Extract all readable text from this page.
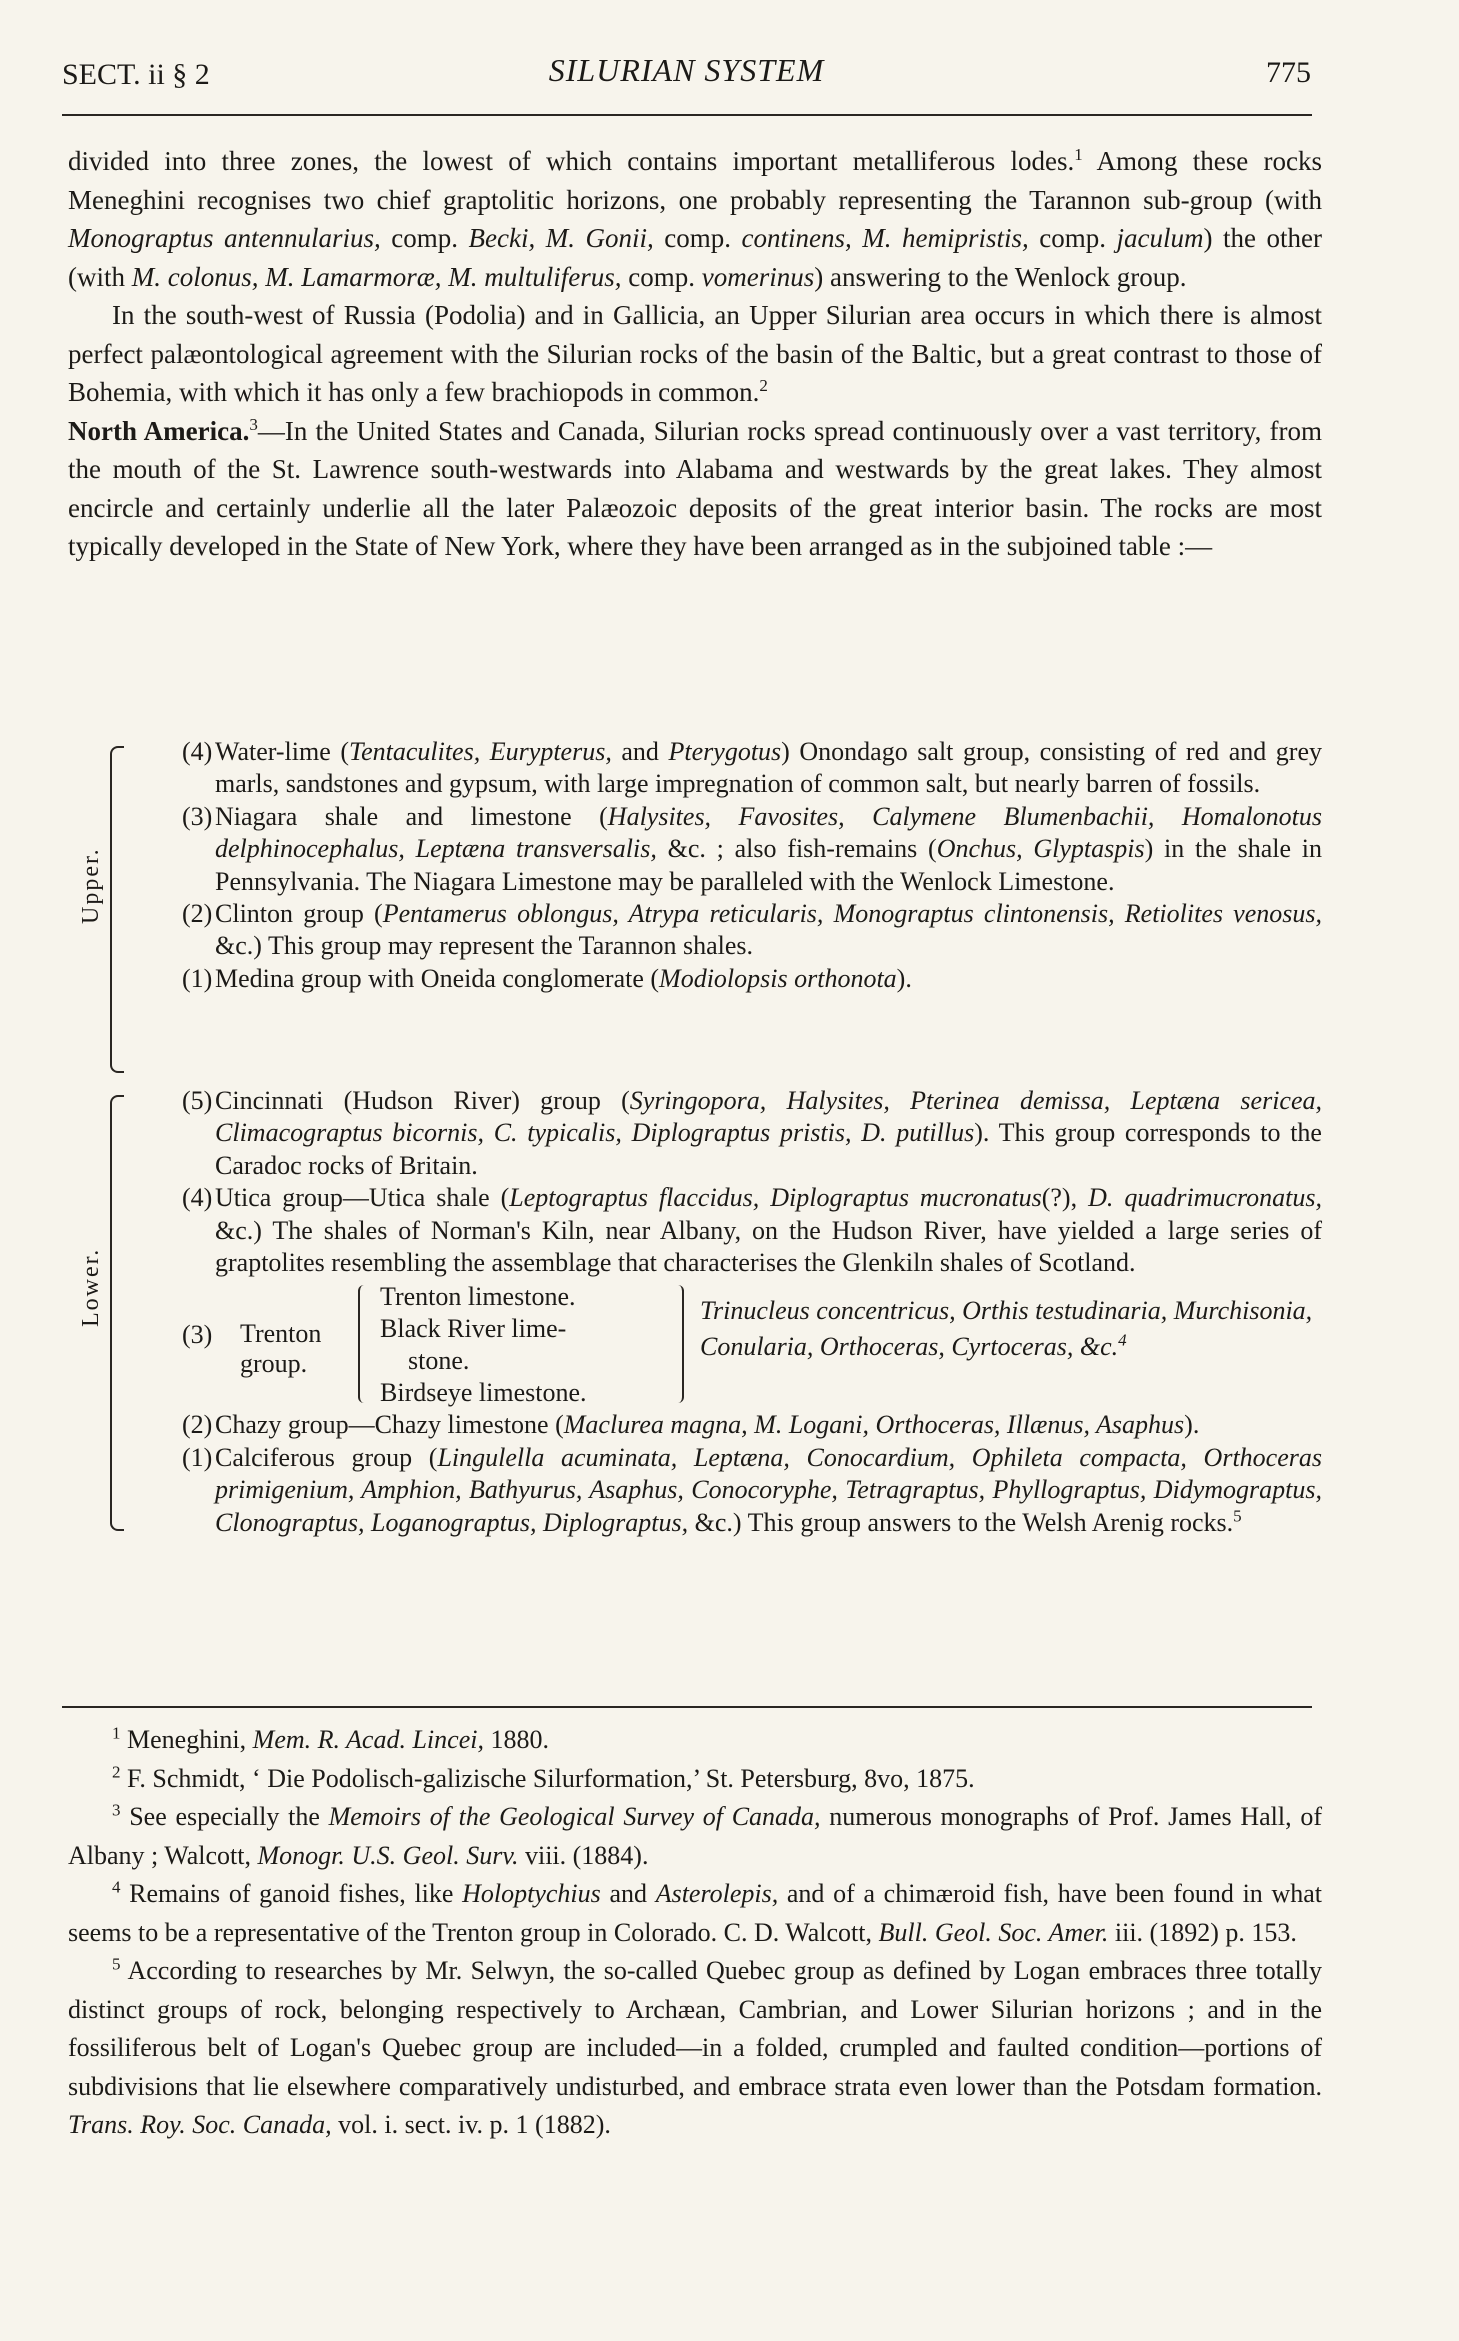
SECT. ii § 2	SILURIAN SYSTEM	775

divided into three zones, the lowest of which contains important metalliferous lodes.$^1$ Among these rocks Meneghini recognises two chief graptolitic horizons, one probably representing the Tarannon sub-group (with Monograptus antennularius, comp. Becki, M. Gonii, comp. continens, M. hemipristis, comp. jaculum) the other (with M. colonus, M. Lamarmoræ, M. multuliferus, comp. vomerinus) answering to the Wenlock group.

In the south-west of Russia (Podolia) and in Gallicia, an Upper Silurian area occurs in which there is almost perfect palæontological agreement with the Silurian rocks of the basin of the Baltic, but a great contrast to those of Bohemia, with which it has only a few brachiopods in common.$^2$

North America.$^3$—In the United States and Canada, Silurian rocks spread continuously over a vast territory, from the mouth of the St. Lawrence south-westwards into Alabama and westwards by the great lakes. They almost encircle and certainly underlie all the later Palæozoic deposits of the great interior basin. The rocks are most typically developed in the State of New York, where they have been arranged as in the subjoined table :—

Upper.
(4) Water-lime (Tentaculites, Eurypterus, and Pterygotus) Onondago salt group, consisting of red and grey marls, sandstones and gypsum, with large impregnation of common salt, but nearly barren of fossils.
(3) Niagara shale and limestone (Halysites, Favosites, Calymene Blumenbachii, Homalonotus delphinocephalus, Leptæna transversalis, &c. ; also fish-remains (Onchus, Glyptaspis) in the shale in Pennsylvania. The Niagara Limestone may be paralleled with the Wenlock Limestone.
(2) Clinton group (Pentamerus oblongus, Atrypa reticularis, Monograptus clintonensis, Retiolites venosus, &c.) This group may represent the Tarannon shales.
(1) Medina group with Oneida conglomerate (Modiolopsis orthonota).
Lower.
(5) Cincinnati (Hudson River) group (Syringopora, Halysites, Pterinea demissa, Leptæna sericea, Climacograptus bicornis, C. typicalis, Diplograptus pristis, D. putillus). This group corresponds to the Caradoc rocks of Britain.
(4) Utica group—Utica shale (Leptograptus flaccidus, Diplograptus mucronatus(?), D. quadrimucronatus, &c.) The shales of Norman's Kiln, near Albany, on the Hudson River, have yielded a large series of graptolites resembling the assemblage that characterises the Glenkiln shales of Scotland.
(3) Trenton
group.
Trenton limestone.
Black River lime-
stone.
Birdseye limestone.
Trinucleus concentricus, Orthis testudinaria, Murchisonia, Conularia, Orthoceras, Cyrtoceras, &c.$^4$
(2) Chazy group—Chazy limestone (Maclurea magna, M. Logani, Orthoceras, Illænus, Asaphus).
(1) Calciferous group (Lingulella acuminata, Leptæna, Conocardium, Ophileta compacta, Orthoceras primigenium, Amphion, Bathyurus, Asaphus, Conocoryphe, Tetragraptus, Phyllograptus, Didymograptus, Clonograptus, Loganograptus, Diplograptus, &c.) This group answers to the Welsh Arenig rocks.$^5$

$^1$ Meneghini, Mem. R. Acad. Lincei, 1880.

$^2$ F. Schmidt, ‘ Die Podolisch-galizische Silurformation,’ St. Petersburg, 8vo, 1875.

$^3$ See especially the Memoirs of the Geological Survey of Canada, numerous monographs of Prof. James Hall, of Albany ; Walcott, Monogr. U.S. Geol. Surv. viii. (1884).

$^4$ Remains of ganoid fishes, like Holoptychius and Asterolepis, and of a chimæroid fish, have been found in what seems to be a representative of the Trenton group in Colorado. C. D. Walcott, Bull. Geol. Soc. Amer. iii. (1892) p. 153.

$^5$ According to researches by Mr. Selwyn, the so-called Quebec group as defined by Logan embraces three totally distinct groups of rock, belonging respectively to Archæan, Cambrian, and Lower Silurian horizons ; and in the fossiliferous belt of Logan's Quebec group are included—in a folded, crumpled and faulted condition—portions of subdivisions that lie elsewhere comparatively undisturbed, and embrace strata even lower than the Potsdam formation. Trans. Roy. Soc. Canada, vol. i. sect. iv. p. 1 (1882).
